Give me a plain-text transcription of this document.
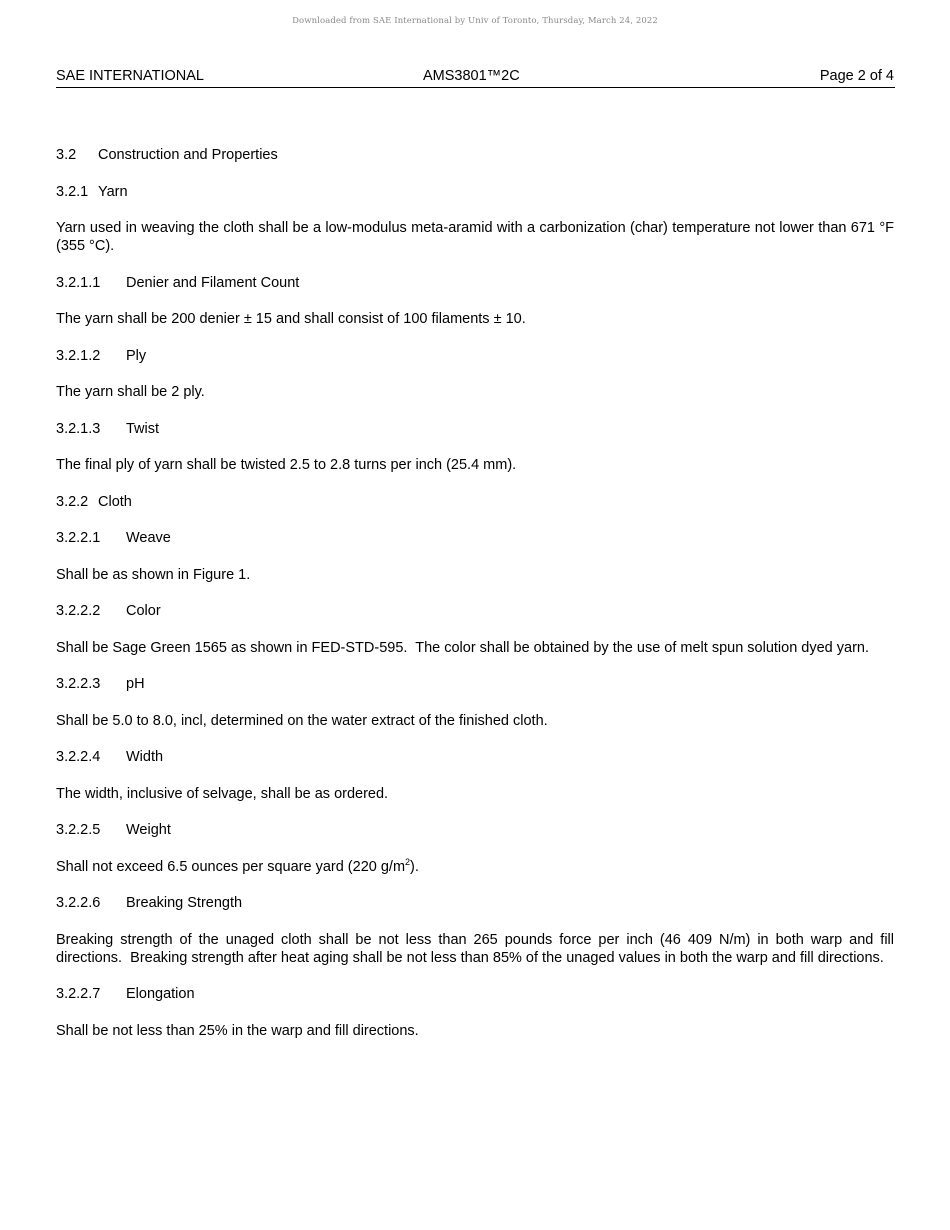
Downloaded from SAE International by Univ of Toronto, Thursday, March 24, 2022
SAE INTERNATIONAL	AMS3801™2C	Page 2 of 4
3.2 Construction and Properties
3.2.1 Yarn
Yarn used in weaving the cloth shall be a low-modulus meta-aramid with a carbonization (char) temperature not lower than 671 °F (355 °C).
3.2.1.1 Denier and Filament Count
The yarn shall be 200 denier ± 15 and shall consist of 100 filaments ± 10.
3.2.1.2 Ply
The yarn shall be 2 ply.
3.2.1.3 Twist
The final ply of yarn shall be twisted 2.5 to 2.8 turns per inch (25.4 mm).
3.2.2 Cloth
3.2.2.1 Weave
Shall be as shown in Figure 1.
3.2.2.2 Color
Shall be Sage Green 1565 as shown in FED-STD-595.  The color shall be obtained by the use of melt spun solution dyed yarn.
3.2.2.3 pH
Shall be 5.0 to 8.0, incl, determined on the water extract of the finished cloth.
3.2.2.4 Width
The width, inclusive of selvage, shall be as ordered.
3.2.2.5 Weight
Shall not exceed 6.5 ounces per square yard (220 $g/m^2$).
3.2.2.6 Breaking Strength
Breaking strength of the unaged cloth shall be not less than 265 pounds force per inch (46 409 N/m) in both warp and fill directions.  Breaking strength after heat aging shall be not less than 85% of the unaged values in both the warp and fill directions.
3.2.2.7 Elongation
Shall be not less than 25% in the warp and fill directions.
